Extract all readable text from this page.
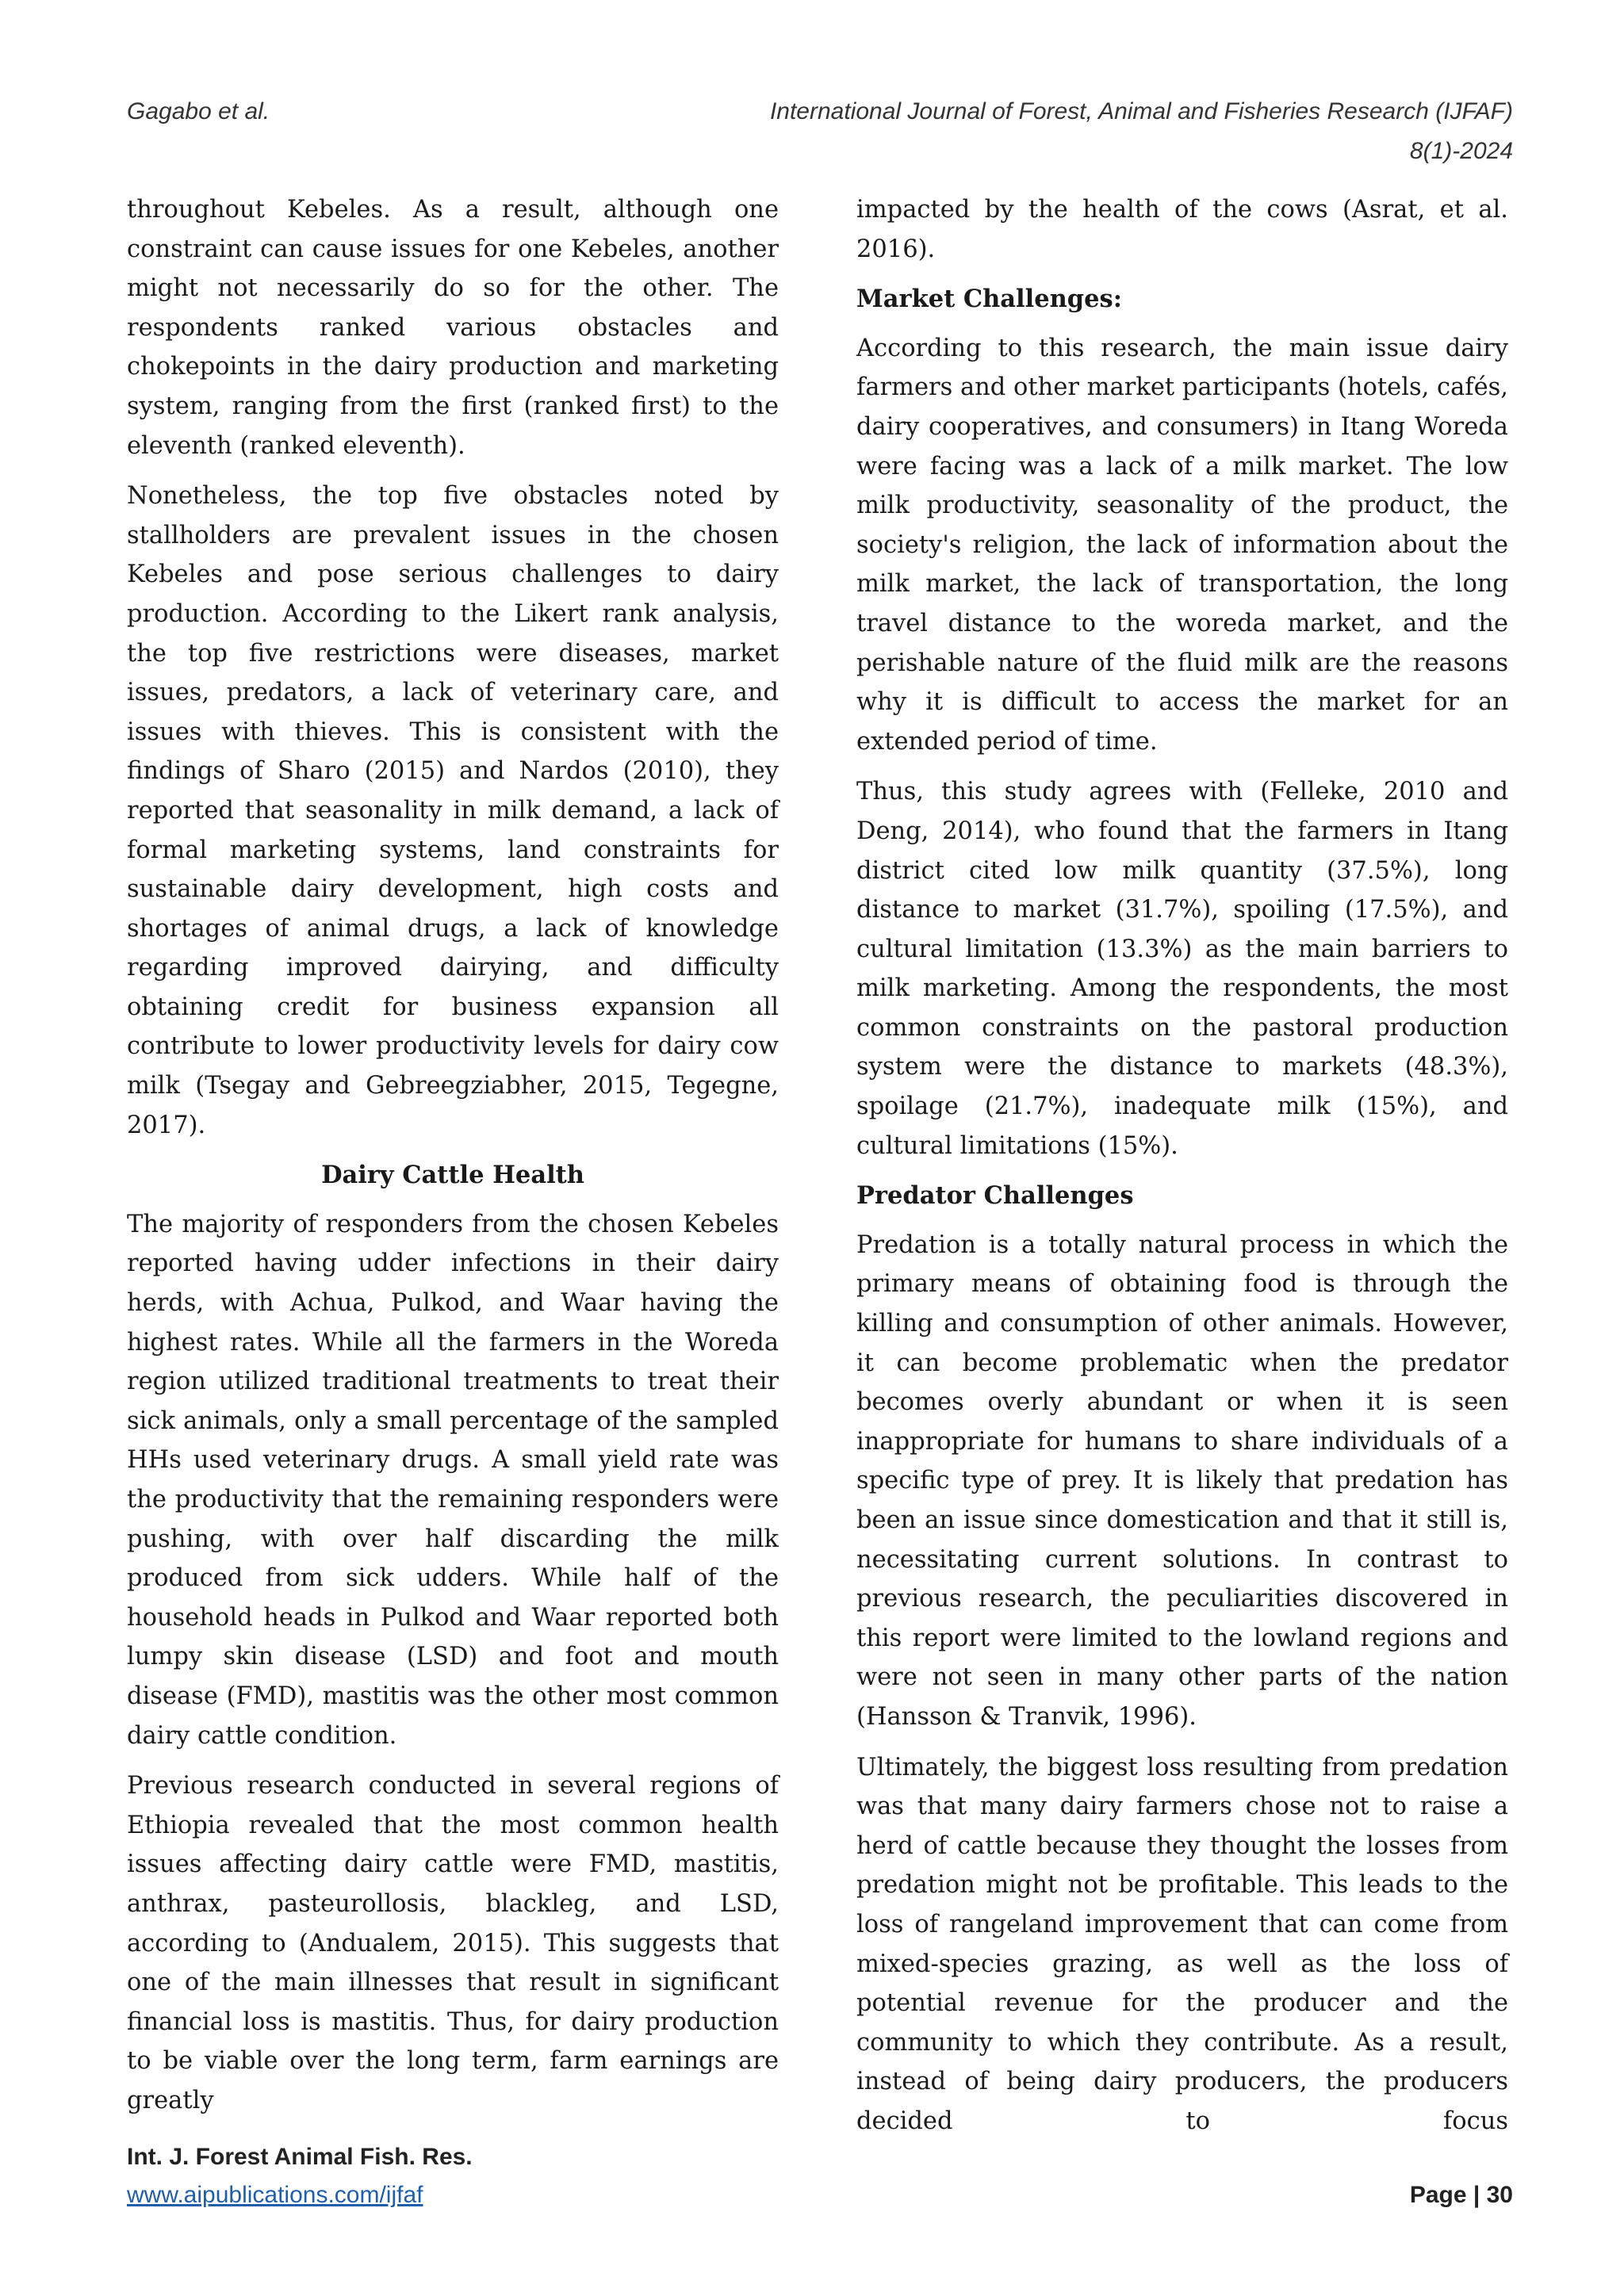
Gagabo et al.	International Journal of Forest, Animal and Fisheries Research (IJFAF)
8(1)-2024

throughout Kebeles. As a result, although one constraint can cause issues for one Kebeles, another might not necessarily do so for the other. The respondents ranked various obstacles and chokepoints in the dairy production and marketing system, ranging from the first (ranked first) to the eleventh (ranked eleventh).

Nonetheless, the top five obstacles noted by stallholders are prevalent issues in the chosen Kebeles and pose serious challenges to dairy production. According to the Likert rank analysis, the top five restrictions were diseases, market issues, predators, a lack of veterinary care, and issues with thieves. This is consistent with the findings of Sharo (2015) and Nardos (2010), they reported that seasonality in milk demand, a lack of formal marketing systems, land constraints for sustainable dairy development, high costs and shortages of animal drugs, a lack of knowledge regarding improved dairying, and difficulty obtaining credit for business expansion all contribute to lower productivity levels for dairy cow milk (Tsegay and Gebreegziabher, 2015, Tegegne, 2017).

Dairy Cattle Health

The majority of responders from the chosen Kebeles reported having udder infections in their dairy herds, with Achua, Pulkod, and Waar having the highest rates. While all the farmers in the Woreda region utilized traditional treatments to treat their sick animals, only a small percentage of the sampled HHs used veterinary drugs. A small yield rate was the productivity that the remaining responders were pushing, with over half discarding the milk produced from sick udders. While half of the household heads in Pulkod and Waar reported both lumpy skin disease (LSD) and foot and mouth disease (FMD), mastitis was the other most common dairy cattle condition.

Previous research conducted in several regions of Ethiopia revealed that the most common health issues affecting dairy cattle were FMD, mastitis, anthrax, pasteurollosis, blackleg, and LSD, according to (Andualem, 2015). This suggests that one of the main illnesses that result in significant financial loss is mastitis. Thus, for dairy production to be viable over the long term, farm earnings are greatly

impacted by the health of the cows (Asrat, et al. 2016).

Market Challenges:

According to this research, the main issue dairy farmers and other market participants (hotels, cafés, dairy cooperatives, and consumers) in Itang Woreda were facing was a lack of a milk market. The low milk productivity, seasonality of the product, the society's religion, the lack of information about the milk market, the lack of transportation, the long travel distance to the woreda market, and the perishable nature of the fluid milk are the reasons why it is difficult to access the market for an extended period of time.

Thus, this study agrees with (Felleke, 2010 and Deng, 2014), who found that the farmers in Itang district cited low milk quantity (37.5%), long distance to market (31.7%), spoiling (17.5%), and cultural limitation (13.3%) as the main barriers to milk marketing. Among the respondents, the most common constraints on the pastoral production system were the distance to markets (48.3%), spoilage (21.7%), inadequate milk (15%), and cultural limitations (15%).

Predator Challenges

Predation is a totally natural process in which the primary means of obtaining food is through the killing and consumption of other animals. However, it can become problematic when the predator becomes overly abundant or when it is seen inappropriate for humans to share individuals of a specific type of prey. It is likely that predation has been an issue since domestication and that it still is, necessitating current solutions. In contrast to previous research, the peculiarities discovered in this report were limited to the lowland regions and were not seen in many other parts of the nation (Hansson & Tranvik, 1996).

Ultimately, the biggest loss resulting from predation was that many dairy farmers chose not to raise a herd of cattle because they thought the losses from predation might not be profitable. This leads to the loss of rangeland improvement that can come from mixed-species grazing, as well as the loss of potential revenue for the producer and the community to which they contribute. As a result, instead of being dairy producers, the producers decided to focus

Int. J. Forest Animal Fish. Res.
www.aipublications.com/ijfaf	Page | 30
